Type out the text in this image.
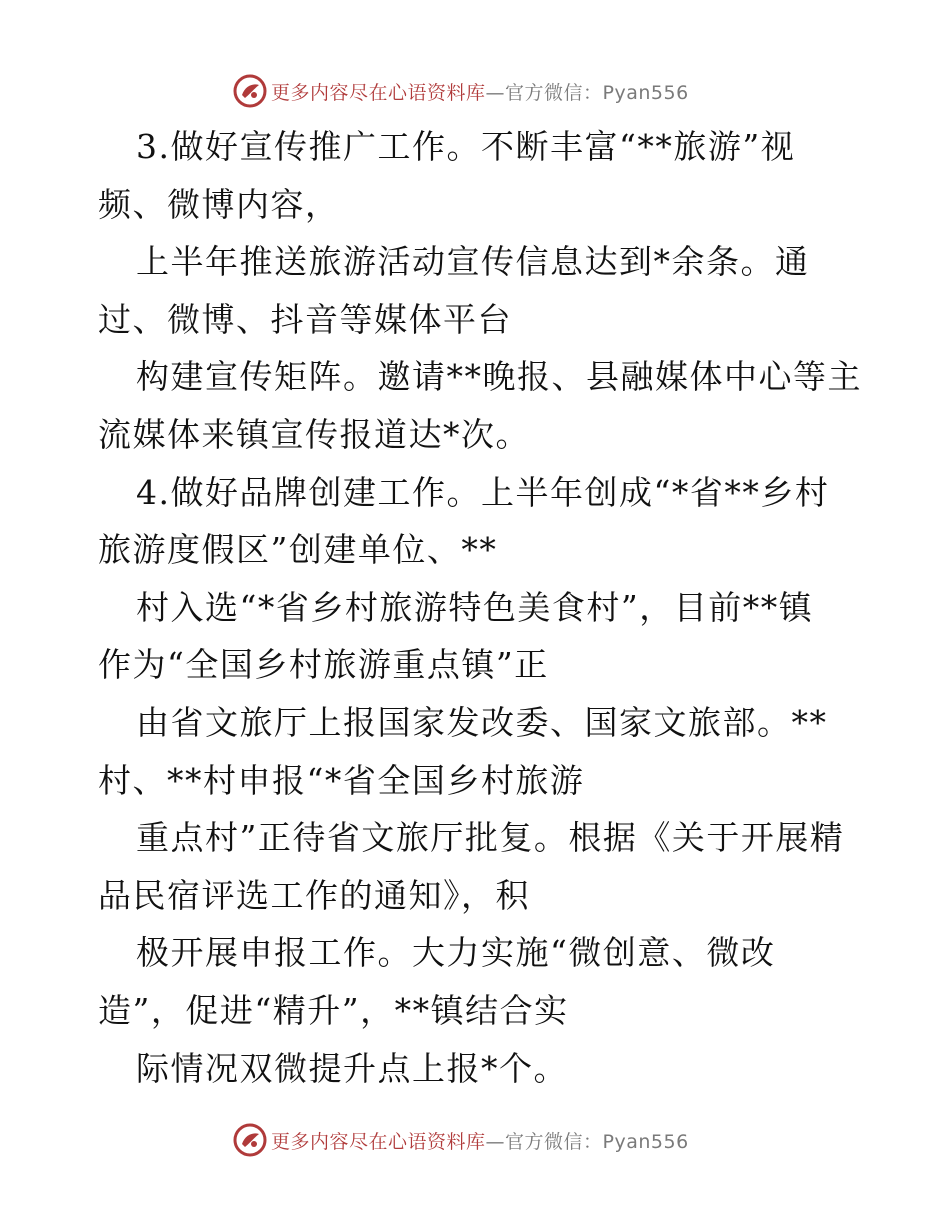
更多内容尽在心语资料库—官方微信：Pyan556
3.做好宣传推广工作。不断丰富“**旅游”视
频、微博内容，
上半年推送旅游活动宣传信息达到*余条。通
过、微博、抖音等媒体平台
构建宣传矩阵。邀请**晚报、县融媒体中心等主
流媒体来镇宣传报道达*次。
4.做好品牌创建工作。上半年创成“*省**乡村
旅游度假区”创建单位、**
村入选“*省乡村旅游特色美食村”，目前**镇
作为“全国乡村旅游重点镇”正
由省文旅厅上报国家发改委、国家文旅部。**
村、**村申报“*省全国乡村旅游
重点村”正待省文旅厅批复。根据《关于开展精
品民宿评选工作的通知》，积
极开展申报工作。大力实施“微创意、微改
造”，促进“精升”，**镇结合实
际情况双微提升点上报*个。
更多内容尽在心语资料库—官方微信：Pyan556
